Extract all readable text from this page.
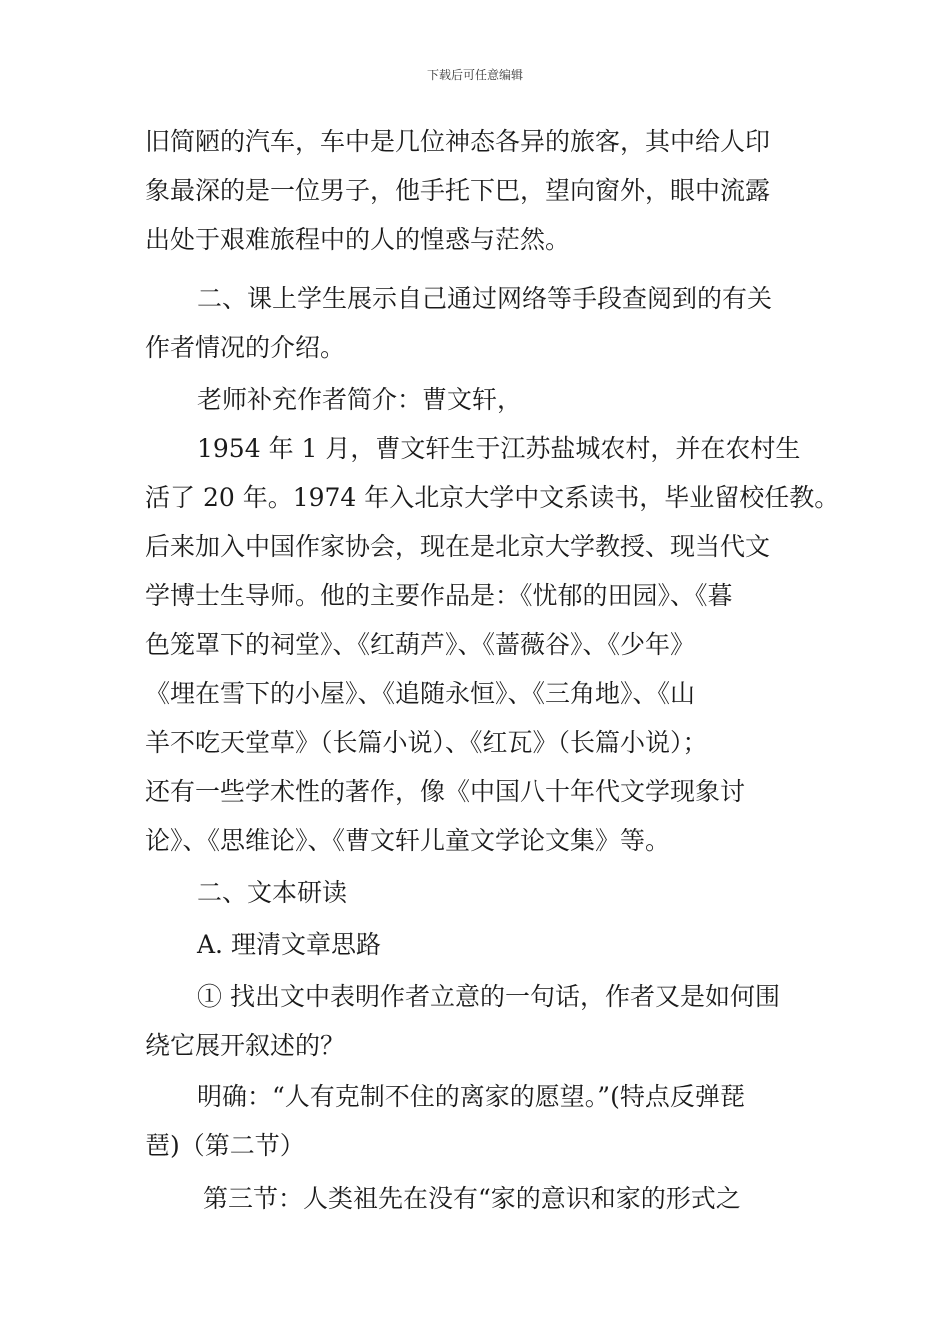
下载后可任意编辑
旧简陋的汽车，车中是几位神态各异的旅客，其中给人印
象最深的是一位男子，他手托下巴，望向窗外，眼中流露
出处于艰难旅程中的人的惶惑与茫然。
二、课上学生展示自己通过网络等手段查阅到的有关
作者情况的介绍。
老师补充作者简介：曹文轩，
1954 年 1 月，曹文轩生于江苏盐城农村，并在农村生
活了 20 年。1974 年入北京大学中文系读书，毕业留校任教。
后来加入中国作家协会，现在是北京大学教授、现当代文
学博士生导师。他的主要作品是：《忧郁的田园》、《暮
色笼罩下的祠堂》、《红葫芦》、《蔷薇谷》、《少年》
《埋在雪下的小屋》、《追随永恒》、《三角地》、《山
羊不吃天堂草》（长篇小说）、《红瓦》（长篇小说）；
还有一些学术性的著作，像《中国八十年代文学现象讨
论》、《思维论》、《曹文轩儿童文学论文集》等。
二、文本研读
A. 理清文章思路
① 找出文中表明作者立意的一句话，作者又是如何围
绕它展开叙述的？
明确：“人有克制不住的离家的愿望。”(特点反弹琵
琶)（第二节）
第三节：人类祖先在没有“家的意识和家的形式之
